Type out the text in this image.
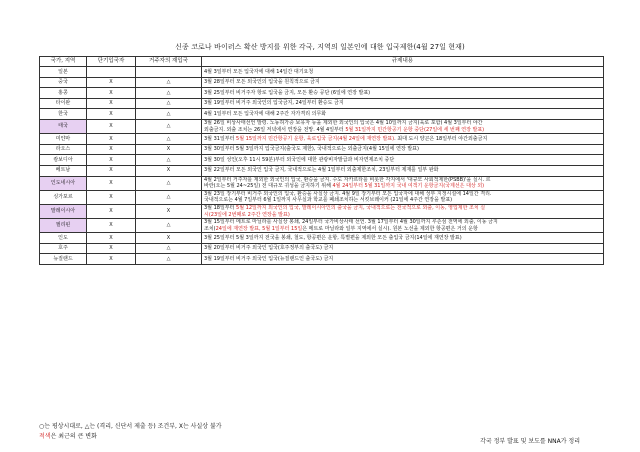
신종 코로나 바이러스 확산 방지를 위한 각국, 지역의 일본인에 대한 입국제한(4월 27일 현재)
국가, 지역	단기입국자	거주자의 재입국	규제내용
일본			4월 3일부터 모든 입국자에 대해 14일간 대기요청

중국	X	△	3월 28일부터 모든 외국인의 입국을 원칙적으로 금지

홍콩	X	△	3월 25일부터 비거주자 항로 입국을 금지, 모든 환승 공단 (6일에 연장 발표)

타이완	X	△	3월 19일부터 비거주 외국인의 입국금지, 24일부터 환승도 금지

한국	X	△	4월 1일부터 모든 입국자에 대해 2주간 자가격리 의무화

태국	X	△	3월 26일 비상사태선언 발령. 노동허가증 보유자 등을 제외한 외국인의 입국은 4월 10일까지 금지(육로 포함) 4월 3일부터 야간
외출금지. 외출 조치는 26일 저녁에서 연장을 전망. 4월 4일부터 5월 31일까지 민간항공기 운항 중단(27일에 세 번째 연장 발표)

미얀마	X	△	3월 31일부터 5월 15일까지 민간항공기 운항, 육로입국 금지(4월 24일에 재연장 발표). 최대 도시 양곤은 18일부터 야간외출금지

라오스	X	X	3월 30일부터 5월 3일까지 입국금지(출국도 제한), 국내적으로는 외출금지(4월 15일에 연장 발표)

캄보디아	X	△	3월 30일 성인(오후 11시 59분)부터 외국인에 대한 관광비자발급과 비자면제조치 중단

베트남	X	X	3월 22일부터 모든 외국인 입국 금지, 국내적으로는 4월 1일부터 외출제한조치, 23일부터 제재를 일부 완화

인도네시아	X	△	4월 2일부터 거주자를 제외한 외국인의 입국, 환승을 금지. 수도 자카르타를 비롯한 각지에서 '대규모 사회적제한(PSBB)'을 실시. 르
바란(오는 5월 24~25일) 전 대규모 귀성을 금지하기 위해 4월 24일부터 5월 31일까지 국내 여객기 운항금지(국제선은 대상 외)

싱가포르	X	△	3월 23일 장기부터 비거주 외국인의 입국, 환승을 사실상 금지. 4월 9일 장기부터 모든 입국자에 대해 성부 지정시설에 14일간 격리.
국내적으로는 4월 7일부터 6월 1일까지 사무실과 학교를 폐쇄조치하는 서킷브레이커 (21일에 4주간 연장을 발표)

말레이시아	X	X	3월 18일부터 5월 12일까지 외국인의 입국, 말레이시아인의 출국을 금지, 국내적으로는 전국적으로 외출, 이동, 영업제한 조치 실
시(23일에 2번째로 2주간 연장을 발표)

필리핀	X	△	3월 15일부터 메트로 마닐라를 사실상 봉쇄, 24일부터 국가비상사태 선언. 3월 17일부터 4월 30일까지 루손섬 전역에 외출, 이동 금지
조치(24일에 재연장 발표, 5월 1일부터 15일은 메트로 마닐라와 일부 지역에서 실시). 원본 노선을 제외한 항공편은 거의 운항

인도	X	X	3월 25일부터 5월 3일까지 전국을 봉쇄, 철도, 항공편은 운항, 특별편을 제외한 모든 출입국 금지(14일에 재연장 발표)

호주	X	△	3월 20일부터 비거주 외국인 입국(호주정부의 출국도) 금지

뉴질랜드	X	△	3월 19일부터 비거주 외국인 입국(뉴질랜드인 출국도) 금지
○는 평상시대로, △는 (격리, 신단서 제출 등) 조건부, X는 사실상 불가
적색은 최근의 큰 변화
각국 정부 발표 및 보도를 NNA가 정리
